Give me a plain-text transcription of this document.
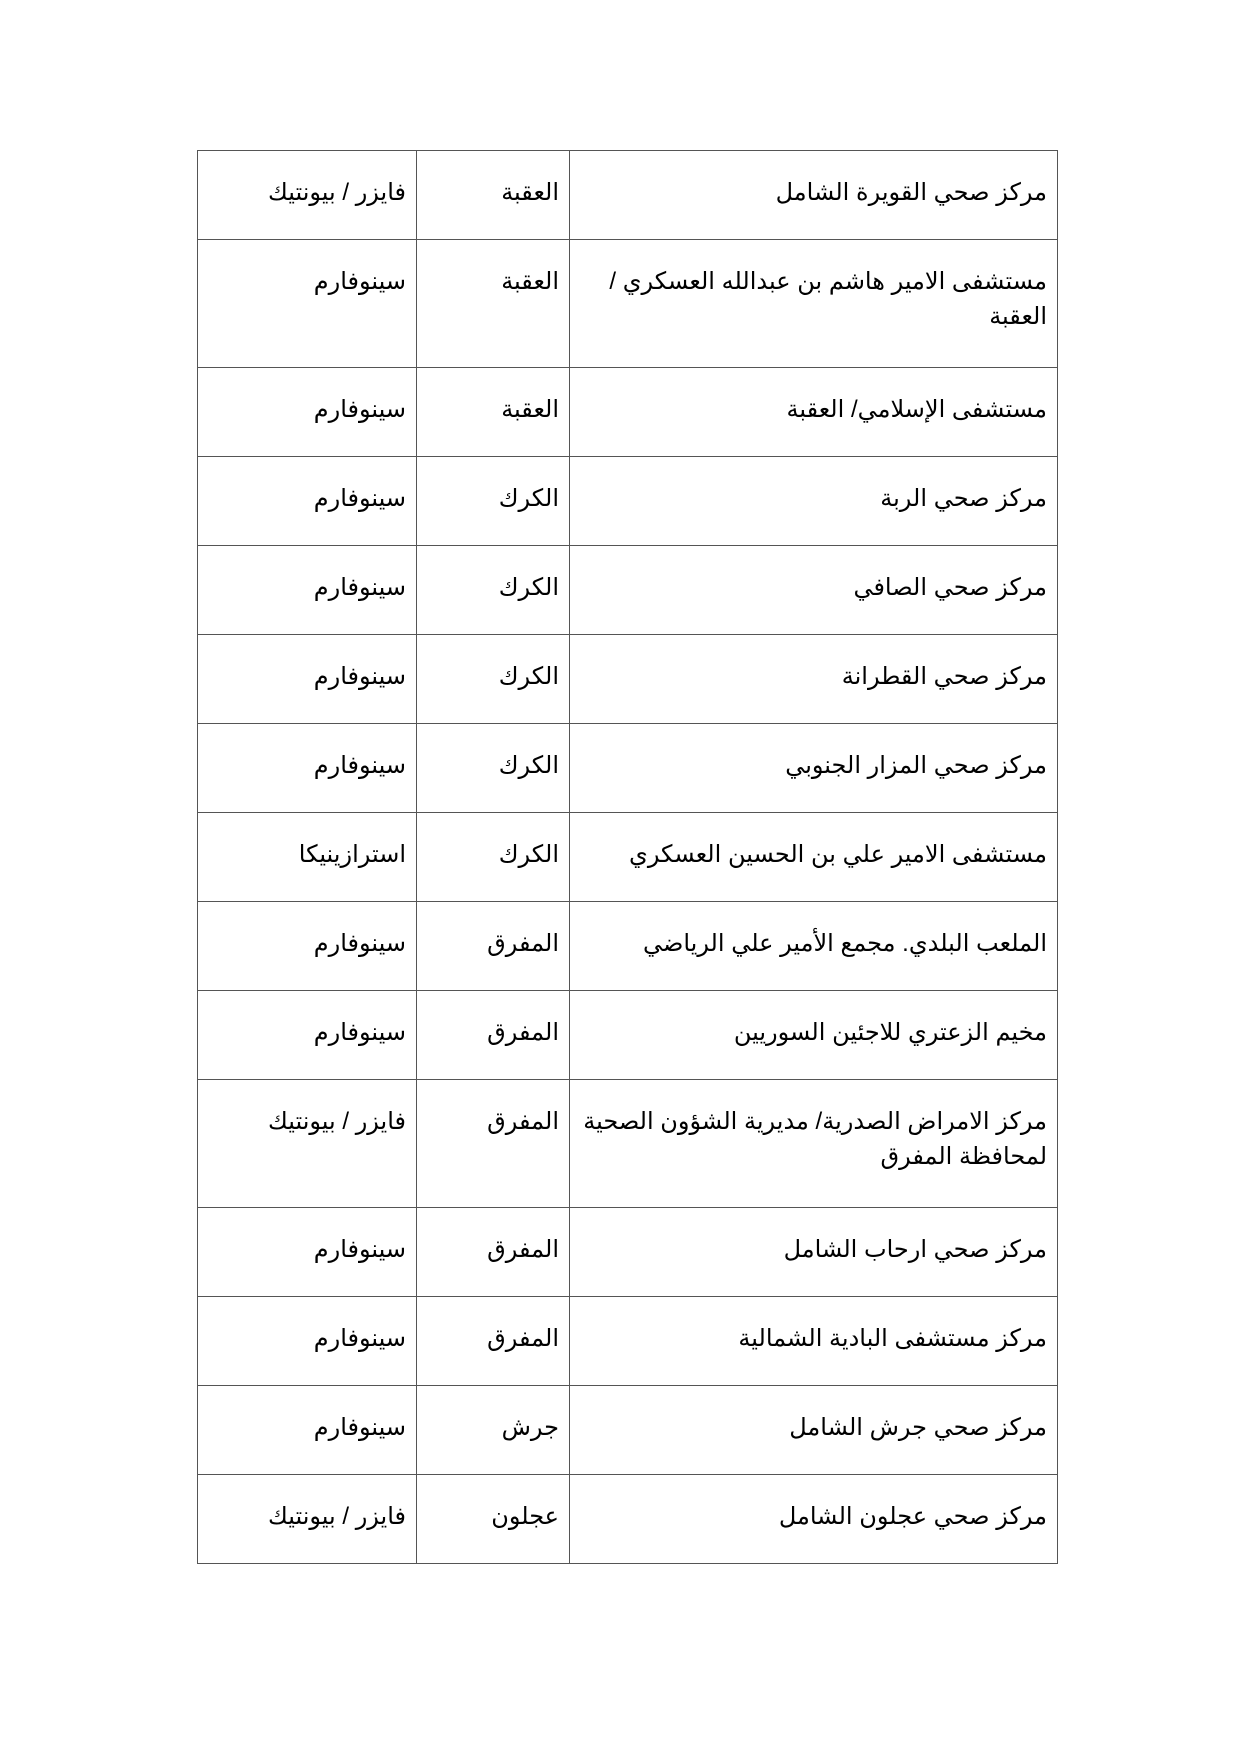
مركز صحي القويرة الشامل	العقبة	فايزر / بيونتيك
مستشفى الامير هاشم بن عبدالله العسكري / العقبة	العقبة	سينوفارم
مستشفى الإسلامي/ العقبة	العقبة	سينوفارم
مركز صحي الربة	الكرك	سينوفارم
مركز صحي الصافي	الكرك	سينوفارم
مركز صحي القطرانة	الكرك	سينوفارم
مركز صحي المزار الجنوبي	الكرك	سينوفارم
مستشفى الامير علي بن الحسين العسكري	الكرك	استرازينيكا
الملعب البلدي. مجمع الأمير علي الرياضي	المفرق	سينوفارم
مخيم الزعتري للاجئين السوريين	المفرق	سينوفارم
مركز الامراض الصدرية/ مديرية الشؤون الصحية لمحافظة المفرق	المفرق	فايزر / بيونتيك
مركز صحي ارحاب الشامل	المفرق	سينوفارم
مركز مستشفى البادية الشمالية	المفرق	سينوفارم
مركز صحي جرش الشامل	جرش	سينوفارم
مركز صحي عجلون الشامل	عجلون	فايزر / بيونتيك
